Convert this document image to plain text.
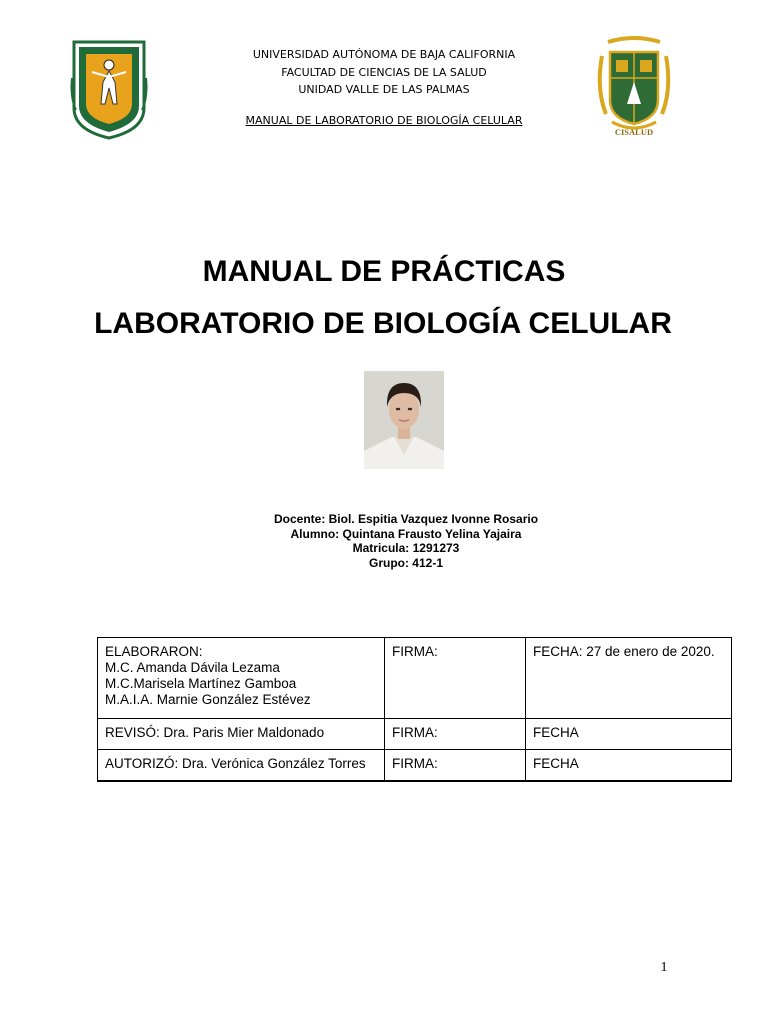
UNIVERSIDAD AUTÓNOMA DE BAJA CALIFORNIA
FACULTAD DE CIENCIAS DE LA SALUD
UNIDAD VALLE DE LAS PALMAS
MANUAL DE LABORATORIO DE BIOLOGÍA CELULAR
CISALUD
MANUAL DE PRÁCTICAS
LABORATORIO DE BIOLOGÍA CELULAR
Docente: Biol. Espitia Vazquez Ivonne Rosario
Alumno: Quintana Frausto Yelina Yajaira
Matricula: 1291273
Grupo: 412-1
ELABORARON:
M.C. Amanda Dávila Lezama
M.C.Marisela Martínez Gamboa
M.A.I.A. Marnie González Estévez	FIRMA:	FECHA: 27 de enero de 2020.
REVISÓ: Dra. Paris Mier Maldonado	FIRMA:	FECHA
AUTORIZÓ: Dra. Verónica González Torres	FIRMA:	FECHA
1
